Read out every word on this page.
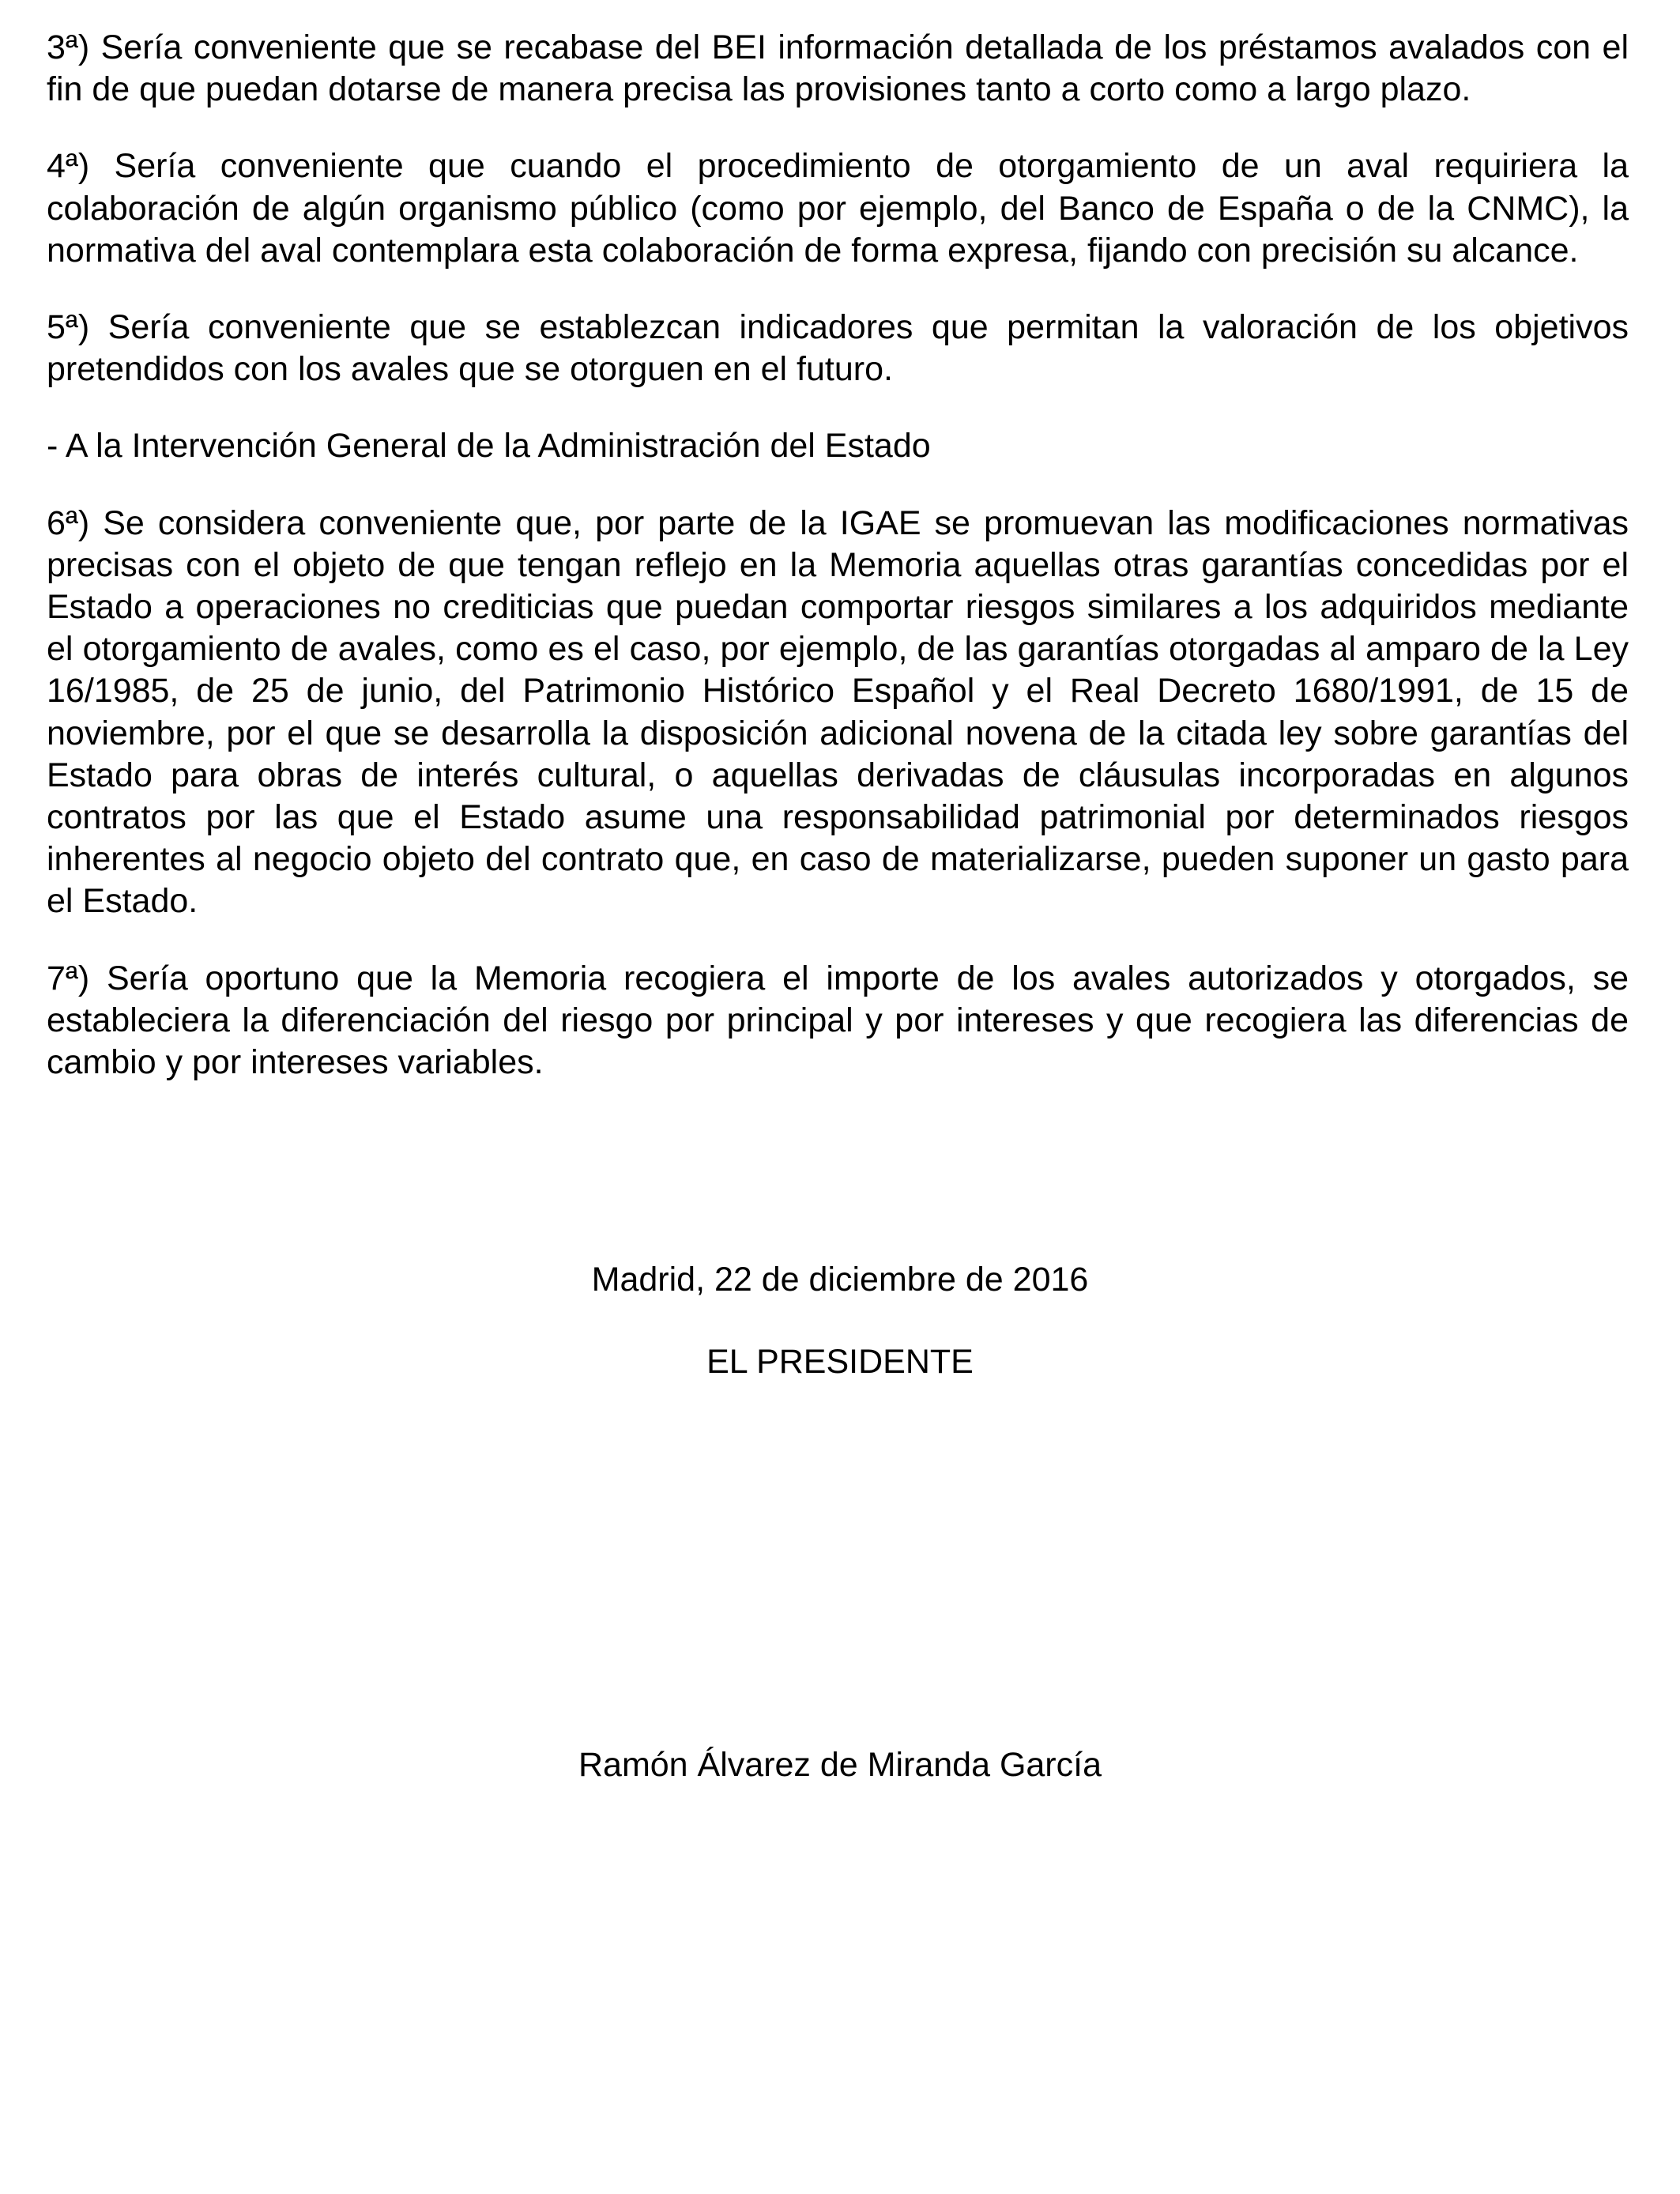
3ª) Sería conveniente que se recabase del BEI información detallada de los préstamos avalados con el fin de que puedan dotarse de manera precisa las provisiones tanto a corto como a largo plazo.

4ª) Sería conveniente que cuando el procedimiento de otorgamiento de un aval requiriera la colaboración de algún organismo público (como por ejemplo, del Banco de España o de la CNMC), la normativa del aval contemplara esta colaboración de forma expresa, fijando con precisión su alcance.

5ª) Sería conveniente que se establezcan indicadores que permitan la valoración de los objetivos pretendidos con los avales que se otorguen en el futuro.

- A la Intervención General de la Administración del Estado

6ª) Se considera conveniente que, por parte de la IGAE se promuevan las modificaciones normativas precisas con el objeto de que tengan reflejo en la Memoria aquellas otras garantías concedidas por el Estado a operaciones no crediticias que puedan comportar riesgos similares a los adquiridos mediante el otorgamiento de avales, como es el caso, por ejemplo, de las garantías otorgadas al amparo de la Ley 16/1985, de 25 de junio, del Patrimonio Histórico Español y el Real Decreto 1680/1991, de 15 de noviembre, por el que se desarrolla la disposición adicional novena de la citada ley sobre garantías del Estado para obras de interés cultural, o aquellas derivadas de cláusulas incorporadas en algunos contratos por las que el Estado asume una responsabilidad patrimonial por determinados riesgos inherentes al negocio objeto del contrato que, en caso de materializarse, pueden suponer un gasto para el Estado.

7ª) Sería oportuno que la Memoria recogiera el importe de los avales autorizados y otorgados, se estableciera la diferenciación del riesgo por principal y por intereses y que recogiera las diferencias de cambio y por intereses variables.

Madrid, 22 de diciembre de 2016
EL PRESIDENTE
Ramón Álvarez de Miranda García
